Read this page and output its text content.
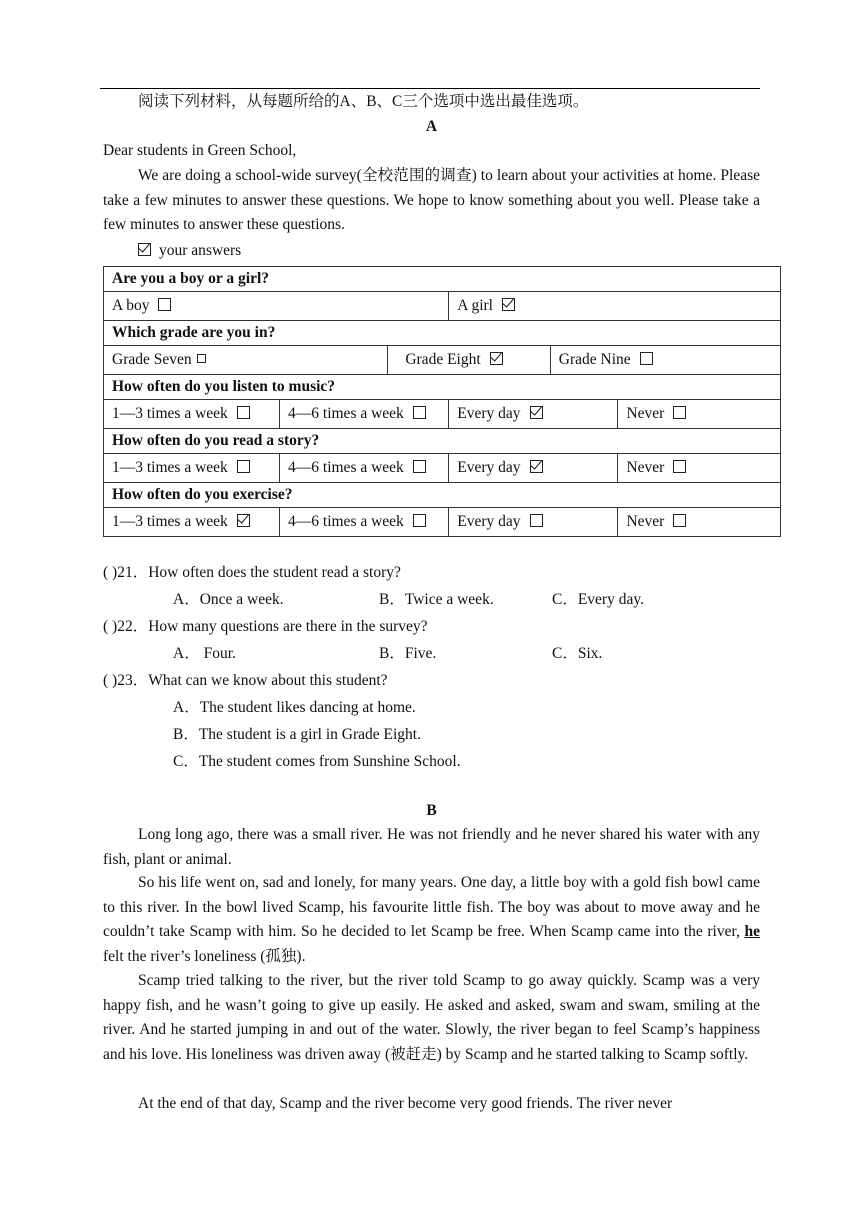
阅读下列材料，从每题所给的A、B、C三个选项中选出最佳选项。
A
Dear students in Green School,
We are doing a school-wide survey(全校范围的调查) to learn about your activities at home. Please take a few minutes to answer these questions. We hope to know something about you well. Please take a few minutes to answer these questions.
your answers
Are you a boy or a girl?					
A boy			A girl		
Which grade are you in?					
Grade Seven		Grade Eight		Grade Nine	
How often do you listen to music?					
1—3 times a week	4—6 times a week		Every day		Never
How often do you read a story?					
1—3 times a week	4—6 times a week		Every day		Never
How often do you exercise?					
1—3 times a week	4—6 times a week		Every day		Never
( )21．How often does the student read a story?
A．Once a week.	B．Twice a week.	C．Every day.
( )22．How many questions are there in the survey?
A． Four.	B．Five.	C．Six.
( )23．What can we know about this student?
A．The student likes dancing at home.
B．The student is a girl in Grade Eight.
C．The student comes from Sunshine School.
B
Long long ago, there was a small river. He was not friendly and he never shared his water with any fish, plant or animal.
So his life went on, sad and lonely, for many years. One day, a little boy with a gold fish bowl came to this river. In the bowl lived Scamp, his favourite little fish. The boy was about to move away and he couldn’t take Scamp with him. So he decided to let Scamp be free. When Scamp came into the river, he felt the river’s loneliness (孤独).
Scamp tried talking to the river, but the river told Scamp to go away quickly. Scamp was a very happy fish, and he wasn’t going to give up easily. He asked and asked, swam and swam, smiling at the river. And he started jumping in and out of the water. Slowly, the river began to feel Scamp’s happiness and his love. His loneliness was driven away (被赶走) by Scamp and he started talking to Scamp softly.
At the end of that day, Scamp and the river become very good friends. The river never
